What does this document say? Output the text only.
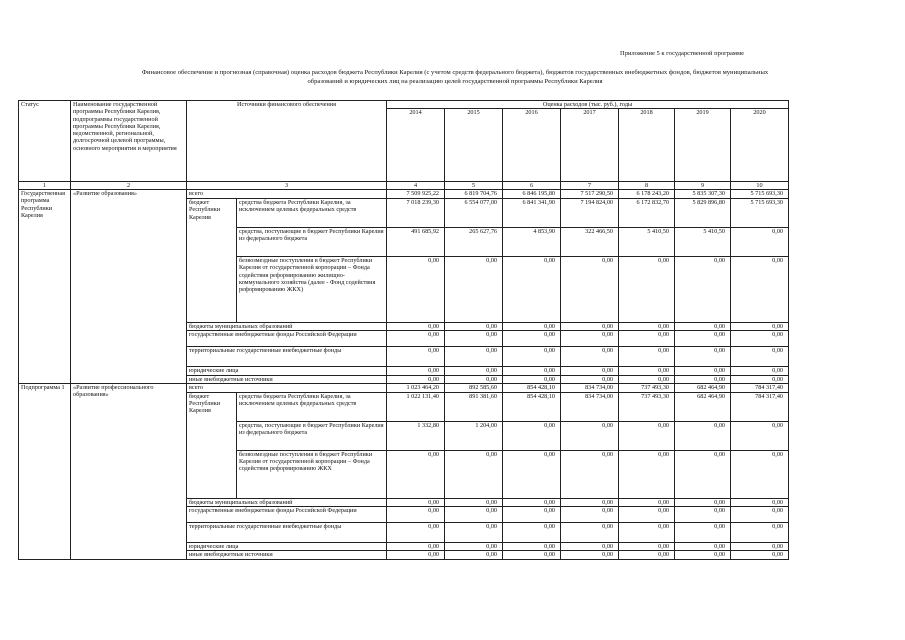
Приложение 5 к государственной программе
Финансовое обеспечение и прогнозная (справочная) оценка расходов бюджета Республики Карелия (с учетом средств федерального бюджета), бюджетов государственных внебюджетных фондов, бюджетов муниципальных
образований и юридических лиц на реализацию целей государственной программы Республики Карелия
Статус	Наименование государственной программы Республики Карелия, подпрограммы государственной программы Республики Карелия, ведомственной, региональной, долгосрочной целевой программы, основного мероприятия и мероприятия	Источники финансового обеспечения		Оценка расходов (тыс. руб.), годы						
				2014	2015	2016	2017	2018	2019	2020
1	2	3		4	5	6	7	8	9	10
Государственная программа Республики Карелия	«Развитие образования»	всего		7 509 925,22	6 819 704,76	6 846 195,80	7 517 290,50	6 178 243,20	5 835 307,30	5 715 693,30
		бюджет Республики Карелия	средства бюджета Республики Карелия, за исключением целевых федеральных средств	7 018 239,30	6 554 077,00	6 841 341,90	7 194 824,00	6 172 832,70	5 829 896,80	5 715 693,30
			средства, поступающие в бюджет Республики Карелия из федерального бюджета	491 685,92	265 627,76	4 853,90	322 466,50	5 410,50	5 410,50	0,00
			безвозмездные поступления в бюджет Республики Карелия от государственной корпорации – Фонда содействия реформированию жилищно-коммунального хозяйства (далее - Фонд содействия реформированию ЖКХ)	0,00	0,00	0,00	0,00	0,00	0,00	0,00
		бюджеты муниципальных образований		0,00	0,00	0,00	0,00	0,00	0,00	0,00
		государственные внебюджетные фонды Российской Федерации		0,00	0,00	0,00	0,00	0,00	0,00	0,00
		территориальные государственные внебюджетные фонды		0,00	0,00	0,00	0,00	0,00	0,00	0,00
		юридические лица		0,00	0,00	0,00	0,00	0,00	0,00	0,00
		иные внебюджетные источники		0,00	0,00	0,00	0,00	0,00	0,00	0,00
Подпрограмма 1	«Развитие профессионального образования»	всего		1 023 464,20	892 585,60	854 428,10	834 734,00	737 493,30	682 464,90	784 317,40
		бюджет Республики Карелия	средства бюджета Республики Карелия, за исключением целевых федеральных средств	1 022 131,40	891 381,60	854 428,10	834 734,00	737 493,30	682 464,90	784 317,40
			средства, поступающие в бюджет Республики Карелия из федерального бюджета	1 332,80	1 204,00	0,00	0,00	0,00	0,00	0,00
			безвозмездные поступления в бюджет Республики Карелия от государственной корпорации – Фонда содействия реформированию ЖКХ	0,00	0,00	0,00	0,00	0,00	0,00	0,00
		бюджеты муниципальных образований		0,00	0,00	0,00	0,00	0,00	0,00	0,00
		государственные внебюджетные фонды Российской Федерации		0,00	0,00	0,00	0,00	0,00	0,00	0,00
		территориальные государственные внебюджетные фонды		0,00	0,00	0,00	0,00	0,00	0,00	0,00
		юридические лица		0,00	0,00	0,00	0,00	0,00	0,00	0,00
		иные внебюджетные источники		0,00	0,00	0,00	0,00	0,00	0,00	0,00
